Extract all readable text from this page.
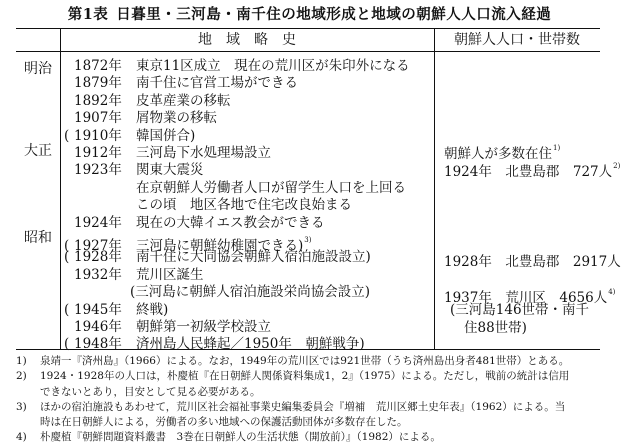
第1表 日暮里・三河島・南千住の地域形成と地域の朝鮮人人口流入経過
地　域　略　史	朝鮮人人口・世帯数
明治
大正
昭和
1872年 東京11区成立　現在の荒川区が朱印外になる
1879年 南千住に官営工場ができる
1892年 皮革産業の移転
1907年 屑物業の移転
( 1910年 韓国併合)
1912年 三河島下水処理場設立
1923年 関東大震災
在京朝鮮人労働者人口が留学生人口を上回る
この頃　地区各地で住宅改良始まる
1924年 現在の大韓イエス教会ができる
( 1927年 三河島に朝鮮幼稚園できる)$^{3)}$
( 1928年 南千住に大同協会朝鮮人宿泊施設設立)
1932年 荒川区誕生
(三河島に朝鮮人宿泊施設栄尚協会設立)
( 1945年 終戦)
1946年 朝鮮第一初級学校設立
( 1948年 済州島人民蜂起／1950年　朝鮮戦争)
朝鮮人が多数在住$^{1)}$
1924年　北豊島郡　727人$^{2)}$
1928年　北豊島郡　2917人
1937年　荒川区　4656人$^{4)}$
(三河島146世帯・南千
住88世帯)
1) 泉靖一『済州島』（1966）による。なお，1949年の荒川区では921世帯（うち済州島出身者481世帯）とある。
2) 1924・1928年の人口は，朴慶植『在日朝鮮人関係資料集成1，2』（1975）による。ただし，戦前の統計は信用
できないとあり，目安として見る必要がある。
3) ほかの宿泊施設もあわせて，荒川区社会福祉事業史編集委員会『増補　荒川区郷土史年表』（1962）による。当
時は在日朝鮮人による，労働者の多い地域への保護活動団体が多数存在した。
4) 朴慶植『朝鮮問題資料叢書　3巻在日朝鮮人の生活状態（開放前）』（1982）による。
